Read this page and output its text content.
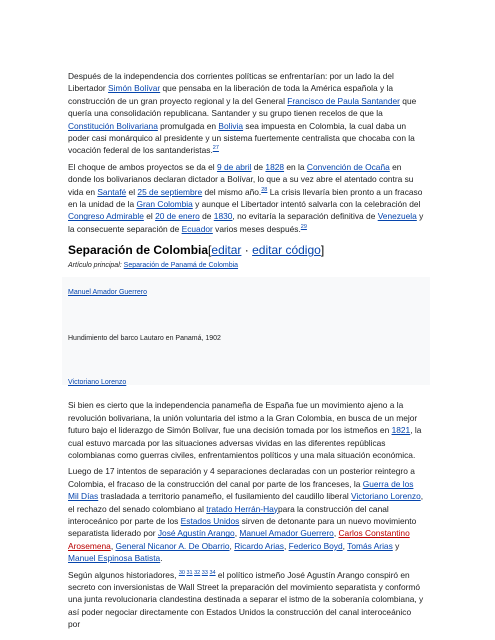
Después de la independencia dos corrientes políticas se enfrentarían: por un lado la del Libertador Simón Bolívar que pensaba en la liberación de toda la América española y la construcción de un gran proyecto regional y la del General Francisco de Paula Santander que quería una consolidación republicana. Santander y su grupo tienen recelos de que la Constitución Bolivariana promulgada en Bolivia sea impuesta en Colombia, la cual daba un poder casi monárquico al presidente y un sistema fuertemente centralista que chocaba con la vocación federal de los santanderistas.$^{27}$

El choque de ambos proyectos se da el 9 de abril de 1828 en la Convención de Ocaña en donde los bolivarianos declaran dictador a Bolívar, lo que a su vez abre el atentado contra su vida en Santafé el 25 de septiembre del mismo año.$^{28}$ La crisis llevaría bien pronto a un fracaso en la unidad de la Gran Colombia y aunque el Libertador intentó salvarla con la celebración del Congreso Admirable el 20 de enero de 1830, no evitaría la separación definitiva de Venezuela y la consecuente separación de Ecuador varios meses después.$^{29}$

Separación de Colombia[editar · editar código]
Artículo principal: Separación de Panamá de Colombia
Manuel Amador Guerrero
Hundimiento del barco Lautaro en Panamá, 1902
Victoriano Lorenzo

Si bien es cierto que la independencia panameña de España fue un movimiento ajeno a la revolución bolivariana, la unión voluntaria del istmo a la Gran Colombia, en busca de un mejor futuro bajo el liderazgo de Simón Bolívar, fue una decisión tomada por los istmeños en 1821, la cual estuvo marcada por las situaciones adversas vividas en las diferentes repúblicas colombianas como guerras civiles, enfrentamientos políticos y una mala situación económica.

Luego de 17 intentos de separación y 4 separaciones declaradas con un posterior reintegro a Colombia, el fracaso de la construcción del canal por parte de los franceses, la Guerra de los Mil Días trasladada a territorio panameño, el fusilamiento del caudillo liberal Victoriano Lorenzo, el rechazo del senado colombiano al tratado Herrán-Haypara la construcción del canal interoceánico por parte de los Estados Unidos sirven de detonante para un nuevo movimiento separatista liderado por José Agustín Arango, Manuel Amador Guerrero, Carlos Constantino Arosemena, General Nicanor A. De Obarrio, Ricardo Arias, Federico Boyd, Tomás Arias y Manuel Espinosa Batista.

Según algunos historiadores, $^{30 31 32 33 34}$ el político istmeño José Agustín Arango conspiró en secreto con inversionistas de Wall Street la preparación del movimiento separatista y conformó una junta revolucionaria clandestina destinada a separar el istmo de la soberanía colombiana, y así poder negociar directamente con Estados Unidos la construcción del canal interoceánico por
